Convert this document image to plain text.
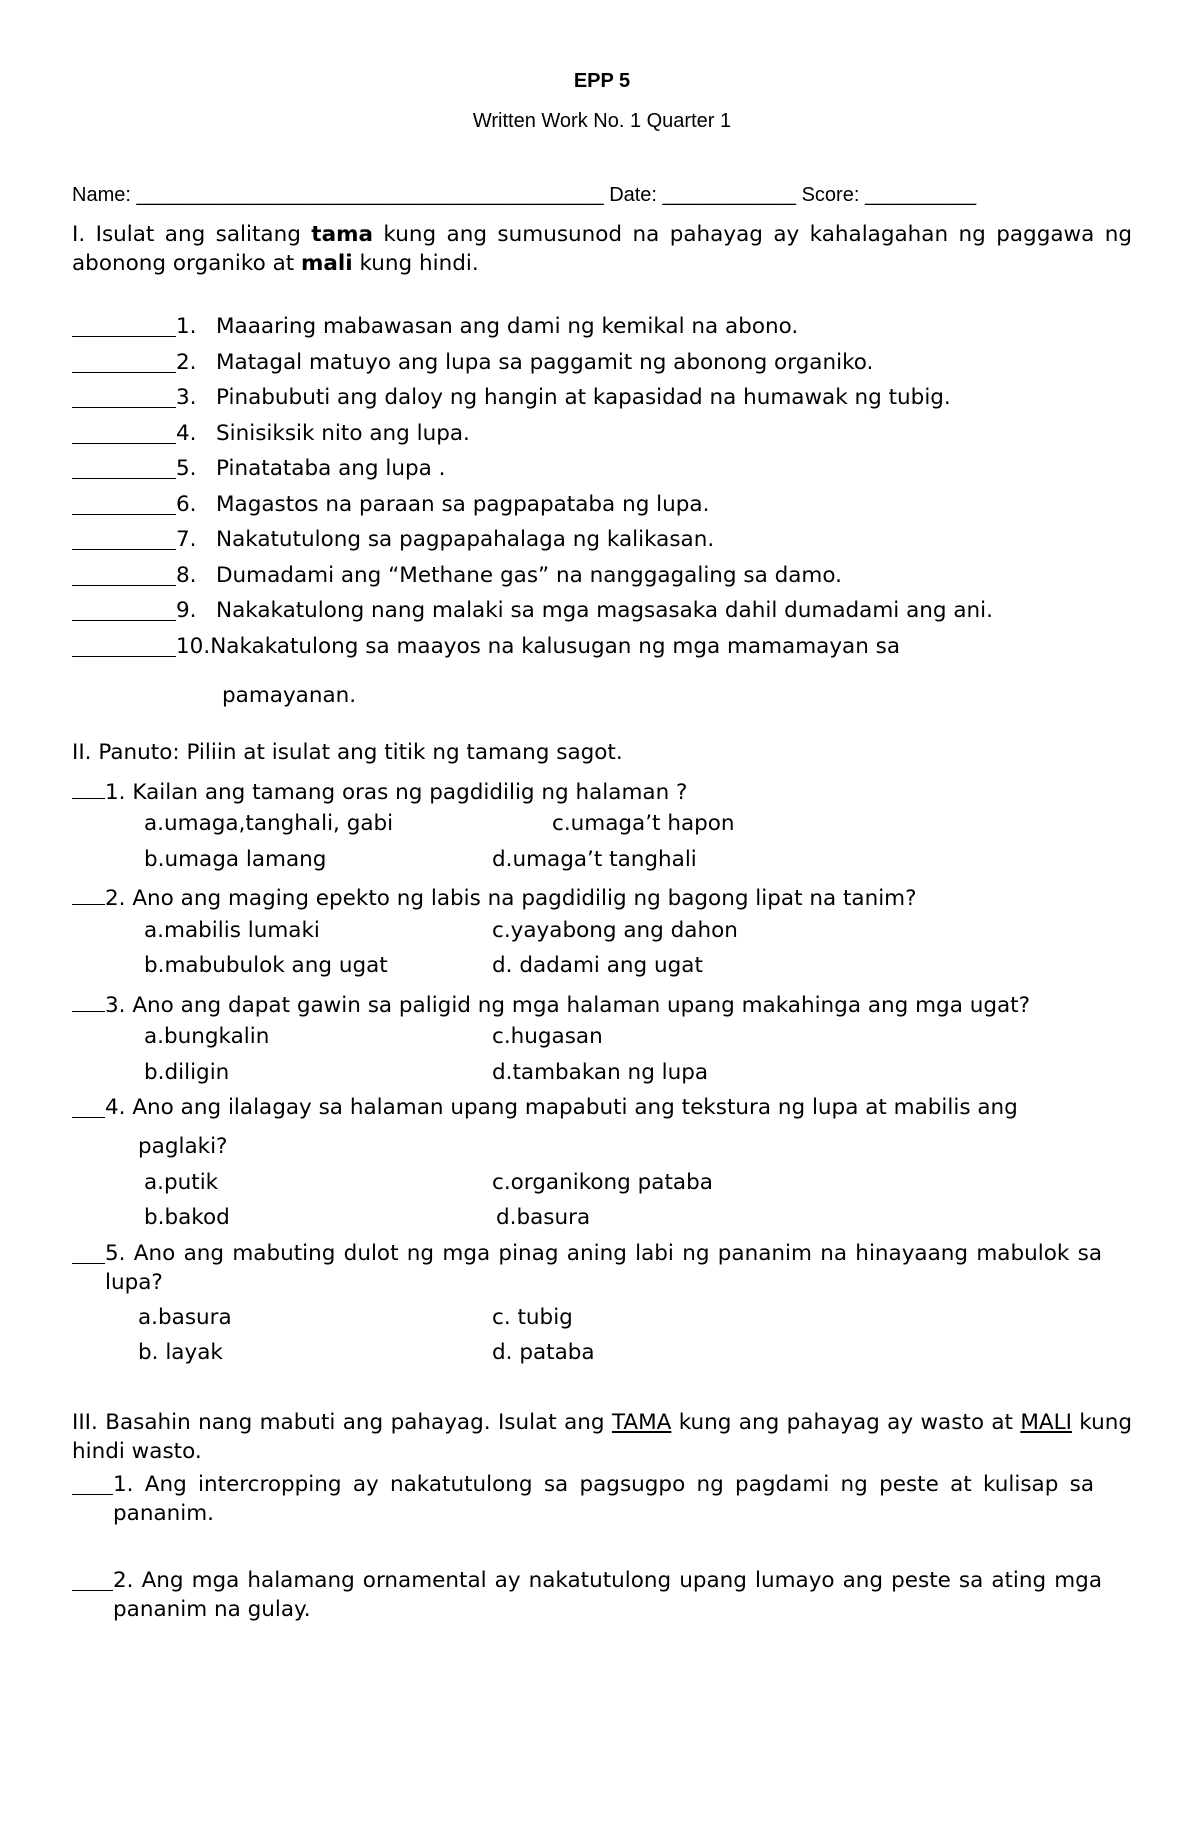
EPP 5
Written Work No. 1 Quarter 1
Name: __________________________________________ Date: ____________ Score: __________

I. Isulat ang salitang tama kung ang sumusunod na pahayag ay kahalagahan ng paggawa ng abonong organiko at mali kung hindi.

1. Maaaring mabawasan ang dami ng kemikal na abono.
2. Matagal matuyo ang lupa sa paggamit ng abonong organiko.
3. Pinabubuti ang daloy ng hangin at kapasidad na humawak ng tubig.
4. Sinisiksik nito ang lupa.
5. Pinatataba ang lupa .
6. Magastos na paraan sa pagpapataba ng lupa.
7. Nakatutulong sa pagpapahalaga ng kalikasan.
8. Dumadami ang “Methane gas” na nanggagaling sa damo.
9. Nakakatulong nang malaki sa mga magsasaka dahil dumadami ang ani.
10. Nakakatulong sa maayos na kalusugan ng mga mamamayan sa
pamayanan.
II. Panuto: Piliin at isulat ang titik ng tamang sagot.
1. Kailan ang tamang oras ng pagdidilig ng halaman ?
a.umaga,tanghali, gabi	c.umaga’t hapon
b.umaga lamang	d.umaga’t tanghali
2. Ano ang maging epekto ng labis na pagdidilig ng bagong lipat na tanim?
a.mabilis lumaki	c.yayabong ang dahon
b.mabubulok ang ugat	d. dadami ang ugat
3. Ano ang dapat gawin sa paligid ng mga halaman upang makahinga ang mga ugat?
a.bungkalin	c.hugasan
b.diligin	d.tambakan ng lupa
4. Ano ang ilalagay sa halaman upang mapabuti ang tekstura ng lupa at mabilis ang
paglaki?
a.putik	c.organikong pataba
b.bakod	d.basura
5. Ano ang mabuting dulot ng mga pinag aning labi ng pananim na hinayaang mabulok sa lupa?
a.basura	c. tubig
b. layak	d. pataba

III. Basahin nang mabuti ang pahayag. Isulat ang TAMA kung ang pahayag ay wasto at MALI kung hindi wasto.

1. Ang intercropping ay nakatutulong sa pagsugpo ng pagdami ng peste at kulisap sa pananim.
2. Ang mga halamang ornamental ay nakatutulong upang lumayo ang peste sa ating mga pananim na gulay.
